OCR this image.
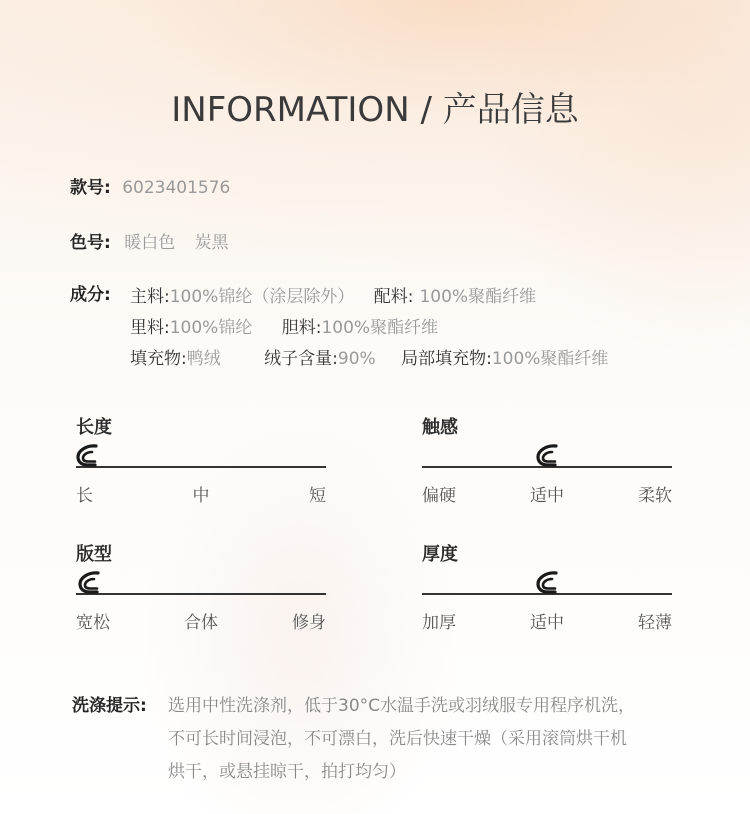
INFORMATION / 产品信息
款号: 6023401576
色号: 暖白色 炭黑
成分: 主料:100%锦纶（涂层除外） 配料: 100%聚酯纤维
里料:100%锦纶 胆料:100%聚酯纤维
填充物:鸭绒	绒子含量:90% 局部填充物:100%聚酯纤维
长度
长	中	短
触感
偏硬	适中	柔软
版型
宽松	合体	修身
厚度
加厚	适中	轻薄
洗涤提示: 选用中性洗涤剂，低于30°C水温手洗或羽绒服专用程序机洗，
不可长时间浸泡，不可漂白，洗后快速干燥（采用滚筒烘干机
烘干，或悬挂晾干，拍打均匀）
